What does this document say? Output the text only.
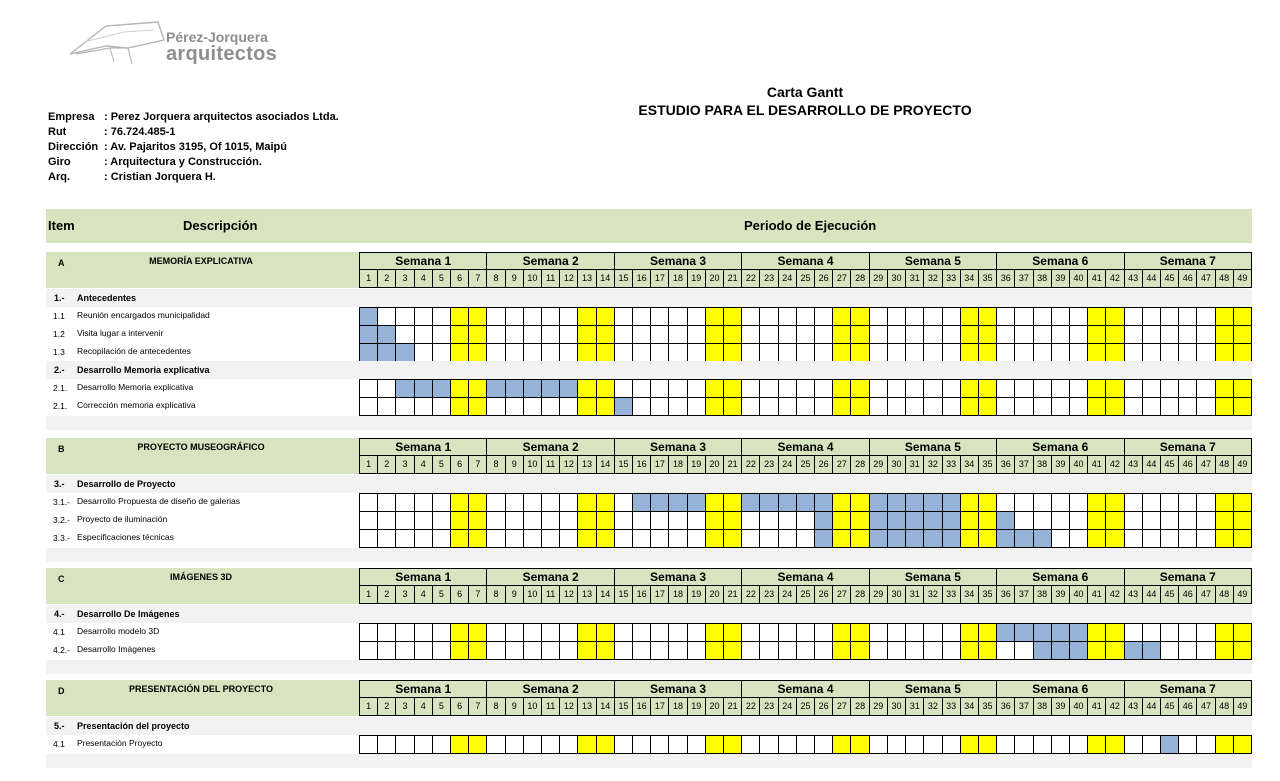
Pérez-Jorquera
arquitectos
Carta Gantt
ESTUDIO PARA EL DESARROLLO DE PROYECTO
Empresa : Perez Jorquera arquitectos asociados Ltda.
Rut	: 76.724.485-1
Dirección : Av. Pajaritos 3195, Of 1015, Maipú
Giro	: Arquitectura y Construcción.
Arq.	: Cristian Jorquera H.
Item	Descripción	Periodo de Ejecución
A	MEMORÍA EXPLICATIVA	Semana 1	Semana 2	Semana 3	Semana 4	Semana 5	Semana 6	Semana 7
1	2	3	4	5	6	7	8	9	10 11 12 13 14 15 16 17 18 19 20 21 22 23 24 25 26 27 28 29 30 31 32 33 34 35 36 37 38 39 40 41 42 43 44 45 46 47 48 49
1.- Antecedentes
1.1 Reunión encargados municipalidad
1.2 Visita lugar a intervenir
1.3 Recopilación de antecedentes
2.- Desarrollo Memoria explicativa
2.1. Desarrollo Memoria explicativa
2.1. Corrección memoria explicativa
B	PROYECTO MUSEOGRÁFICO	Semana 1	Semana 2	Semana 3	Semana 4	Semana 5	Semana 6	Semana 7
1	2	3	4	5	6	7	8	9	10 11 12 13 14 15 16 17 18 19 20 21 22 23 24 25 26 27 28 29 30 31 32 33 34 35 36 37 38 39 40 41 42 43 44 45 46 47 48 49
3.- Desarrollo de Proyecto
3.1.- Desarrollo Propuesta de diseño de galerias
3.2.- Proyecto de iluminación
3.3.- Especificaciones técnicas
C	IMÁGENES 3D	Semana 1	Semana 2	Semana 3	Semana 4	Semana 5	Semana 6	Semana 7
1	2	3	4	5	6	7	8	9	10 11 12 13 14 15 16 17 18 19 20 21 22 23 24 25 26 27 28 29 30 31 32 33 34 35 36 37 38 39 40 41 42 43 44 45 46 47 48 49
4.- Desarrollo De Imágenes
4.1 Desarrollo modelo 3D
4.2.- Desarrollo Imágenes
D	PRESENTACIÓN DEL PROYECTO	Semana 1	Semana 2	Semana 3	Semana 4	Semana 5	Semana 6	Semana 7
1	2	3	4	5	6	7	8	9	10 11 12 13 14 15 16 17 18 19 20 21 22 23 24 25 26 27 28 29 30 31 32 33 34 35 36 37 38 39 40 41 42 43 44 45 46 47 48 49
5.- Presentación del proyecto
4.1 Presentación Proyecto
